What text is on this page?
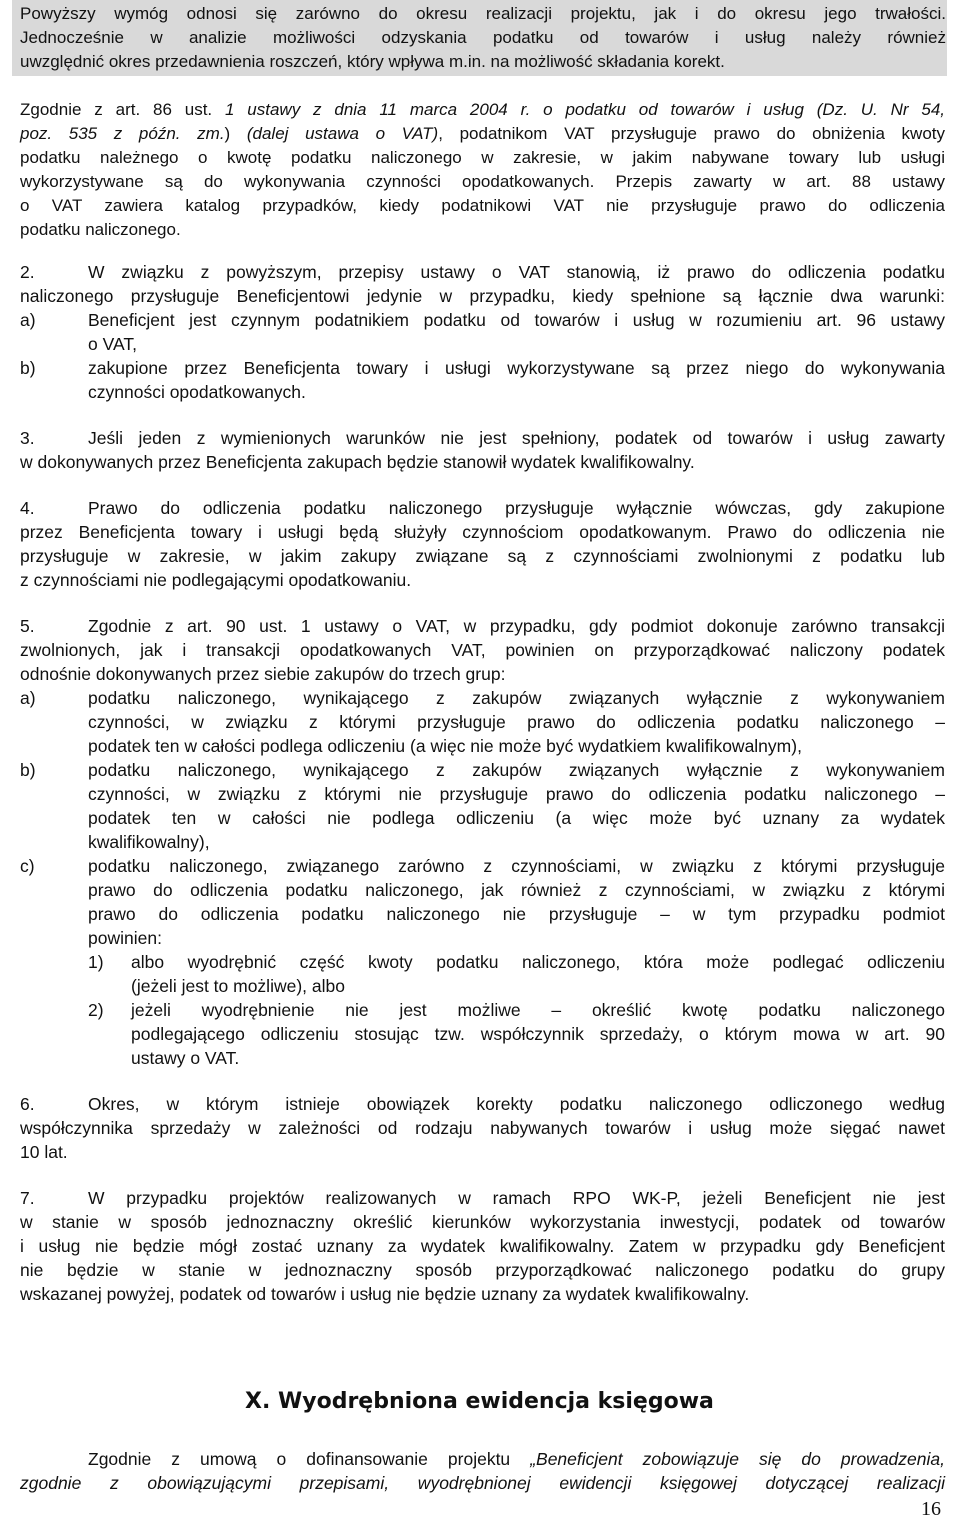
Powyższy wymóg odnosi się zarówno do okresu realizacji projektu, jak i do okresu jego trwałości.
Jednocześnie w analizie możliwości odzyskania podatku od towarów i usług należy również
uwzględnić okres przedawnienia roszczeń, który wpływa m.in. na możliwość składania korekt.
Zgodnie z art. 86 ust. 1 ustawy z dnia 11 marca 2004 r. o podatku od towarów i usług (Dz. U. Nr 54,
poz. 535 z późn. zm.) (dalej ustawa o VAT), podatnikom VAT przysługuje prawo do obniżenia kwoty
podatku należnego o kwotę podatku naliczonego w zakresie, w jakim nabywane towary lub usługi
wykorzystywane są do wykonywania czynności opodatkowanych. Przepis zawarty w art. 88 ustawy
o VAT zawiera katalog przypadków, kiedy podatnikowi VAT nie przysługuje prawo do odliczenia
podatku naliczonego.
2.	W związku z powyższym, przepisy ustawy o VAT stanowią, iż prawo do odliczenia podatku
naliczonego przysługuje Beneficjentowi jedynie w przypadku, kiedy spełnione są łącznie dwa warunki:
a)	Beneficjent jest czynnym podatnikiem podatku od towarów i usług w rozumieniu art. 96 ustawy
o VAT,
b)	zakupione przez Beneficjenta towary i usługi wykorzystywane są przez niego do wykonywania
czynności opodatkowanych.
3.	Jeśli jeden z wymienionych warunków nie jest spełniony, podatek od towarów i usług zawarty
w dokonywanych przez Beneficjenta zakupach będzie stanowił wydatek kwalifikowalny.
4.	Prawo do odliczenia podatku naliczonego przysługuje wyłącznie wówczas, gdy zakupione
przez Beneficjenta towary i usługi będą służyły czynnościom opodatkowanym. Prawo do odliczenia nie
przysługuje w zakresie, w jakim zakupy związane są z czynnościami zwolnionymi z podatku lub
z czynnościami nie podlegającymi opodatkowaniu.
5.	Zgodnie z art. 90 ust. 1 ustawy o VAT, w przypadku, gdy podmiot dokonuje zarówno transakcji
zwolnionych, jak i transakcji opodatkowanych VAT, powinien on przyporządkować naliczony podatek
odnośnie dokonywanych przez siebie zakupów do trzech grup:
a)	podatku naliczonego, wynikającego z zakupów związanych wyłącznie z wykonywaniem
czynności, w związku z którymi przysługuje prawo do odliczenia podatku naliczonego –
podatek ten w całości podlega odliczeniu (a więc nie może być wydatkiem kwalifikowalnym),
b)	podatku naliczonego, wynikającego z zakupów związanych wyłącznie z wykonywaniem
czynności, w związku z którymi nie przysługuje prawo do odliczenia podatku naliczonego –
podatek ten w całości nie podlega odliczeniu (a więc może być uznany za wydatek
kwalifikowalny),
c)	podatku naliczonego, związanego zarówno z czynnościami, w związku z którymi przysługuje
prawo do odliczenia podatku naliczonego, jak również z czynnościami, w związku z którymi
prawo do odliczenia podatku naliczonego nie przysługuje – w tym przypadku podmiot
powinien:
1) albo wyodrębnić część kwoty podatku naliczonego, która może podlegać odliczeniu
(jeżeli jest to możliwe), albo
2) jeżeli wyodrębnienie nie jest możliwe – określić kwotę podatku naliczonego
podlegającego odliczeniu stosując tzw. współczynnik sprzedaży, o którym mowa w art. 90
ustawy o VAT.
6.	Okres, w którym istnieje obowiązek korekty podatku naliczonego odliczonego według
współczynnika sprzedaży w zależności od rodzaju nabywanych towarów i usług może sięgać nawet
10 lat.
7.	W przypadku projektów realizowanych w ramach RPO WK-P, jeżeli Beneficjent nie jest
w stanie w sposób jednoznaczny określić kierunków wykorzystania inwestycji, podatek od towarów
i usług nie będzie mógł zostać uznany za wydatek kwalifikowalny. Zatem w przypadku gdy Beneficjent
nie będzie w stanie w jednoznaczny sposób przyporządkować naliczonego podatku do grupy
wskazanej powyżej, podatek od towarów i usług nie będzie uznany za wydatek kwalifikowalny.
X. Wyodrębniona ewidencja księgowa
Zgodnie z umową o dofinansowanie projektu „Beneficjent zobowiązuje się do prowadzenia,
zgodnie z obowiązującymi przepisami, wyodrębnionej ewidencji księgowej dotyczącej realizacji
16
